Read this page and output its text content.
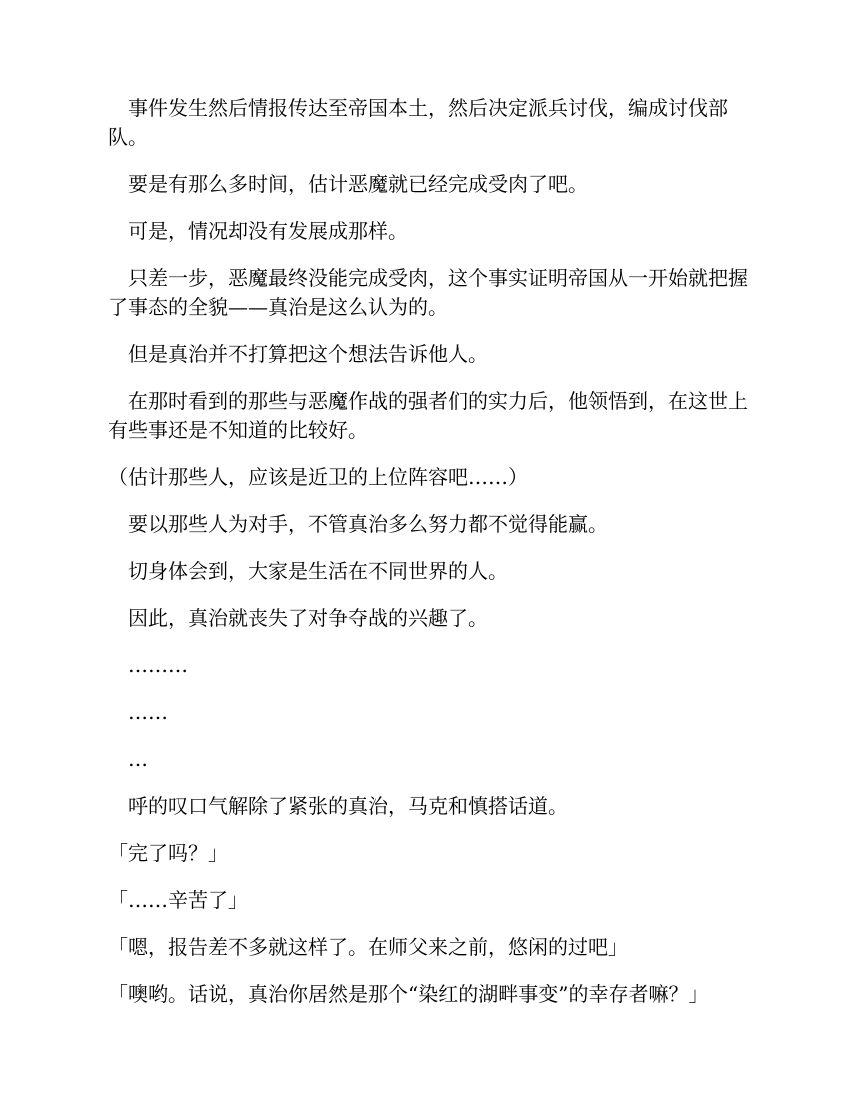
事件发生然后情报传达至帝国本土，然后决定派兵讨伐，编成讨伐部队。

要是有那么多时间，估计恶魔就已经完成受肉了吧。

可是，情况却没有发展成那样。

只差一步，恶魔最终没能完成受肉，这个事实证明帝国从一开始就把握了事态的全貌——真治是这么认为的。

但是真治并不打算把这个想法告诉他人。

在那时看到的那些与恶魔作战的强者们的实力后，他领悟到，在这世上有些事还是不知道的比较好。

（估计那些人，应该是近卫的上位阵容吧……）

要以那些人为对手，不管真治多么努力都不觉得能赢。

切身体会到，大家是生活在不同世界的人。

因此，真治就丧失了对争夺战的兴趣了。

………

……

…

呼的叹口气解除了紧张的真治，马克和慎搭话道。

「完了吗？」

「……辛苦了」

「嗯，报告差不多就这样了。在师父来之前，悠闲的过吧」

「噢哟。话说，真治你居然是那个“染红的湖畔事变”的幸存者嘛？」
